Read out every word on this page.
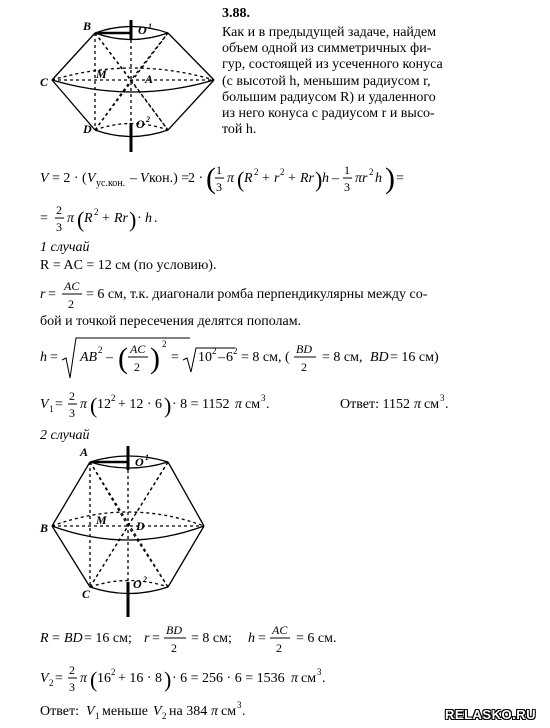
3.88.
Как и в предыдущей задаче, найдем
объем одной из симметричных фи-
гур, состоящей из усеченного конуса
(с высотой h, меньшим радиусом r,
большим радиусом R) и удаленного
из него конуса с радиусом r и высо-
той h.
B	O 1
C
M	A
D	O 2
V = 2 · ( V ус.кон. – V кон.) =
2 · ( 1
3
π ( R 2 + r 2 + Rr ) h –
1
3
πr 2 h ) =
=
2
3
π ( R 2 + Rr ) · h .
1 случай
R = AC = 12 см (по условию).
r =
AC
2
= 6 см, т.к. диагонали ромба перпендикулярны между со-
бой и точкой пересечения делятся пополам.
h = AB 2 – ( AC
2 ) 2
= 10 2 – 6 2 = 8 см, (
BD
2
= 8 см, BD = 16 см)
V 1 =
2
3
π ( 12 2 + 12 · 6 ) · 8 = 1152 π см 3 .	Ответ: 1152 π см 3 .
2 случай
A
O 1
B
M D
C
O 2
R = BD = 16 см; r =
BD
2
= 8 см; h =
AC
2
= 6 см.
V 2 =
2
3
π ( 16 2 + 16 · 8 ) · 6 = 256 · 6 = 1536 π см 3 .
Ответ: V 1 меньше V 2 на 384 π см 3 .	RELASKO.RU
